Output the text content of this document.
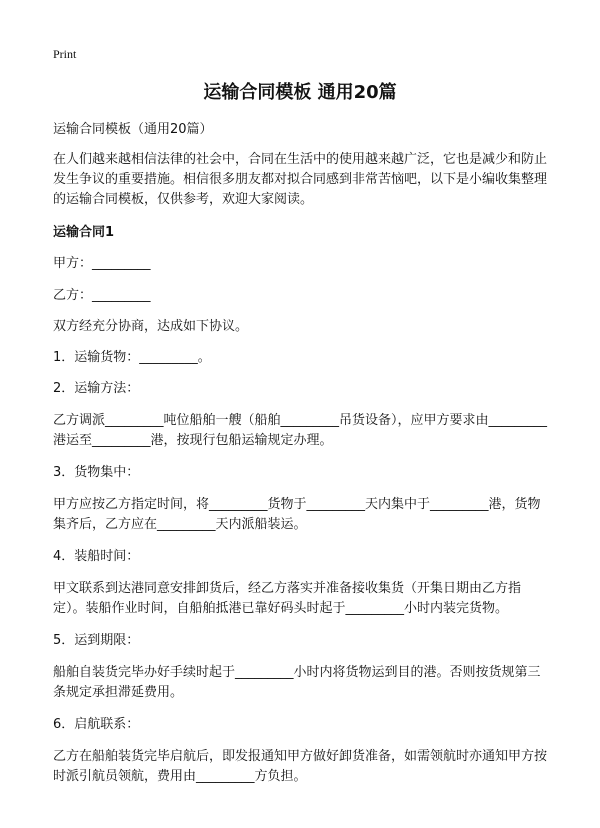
Print
运输合同模板 通用20篇

运输合同模板（通用20篇）

在人们越来越相信法律的社会中，合同在生活中的使用越来越广泛，它也是减少和防止发生争议的重要措施。相信很多朋友都对拟合同感到非常苦恼吧，以下是小编收集整理的运输合同模板，仅供参考，欢迎大家阅读。

运输合同1

甲方：_________

乙方：_________

双方经充分协商，达成如下协议。

1．运输货物：_________。

2．运输方法：

乙方调派_________吨位船舶一艘（船舶_________吊货设备），应甲方要求由_________港运至_________港，按现行包船运输规定办理。

3．货物集中：

甲方应按乙方指定时间，将_________货物于_________天内集中于_________港，货物集齐后，乙方应在_________天内派船装运。

4．装船时间：

甲文联系到达港同意安排卸货后，经乙方落实并准备接收集货（开集日期由乙方指定）。装船作业时间，自船舶抵港已靠好码头时起于_________小时内装完货物。

5．运到期限：

船舶自装货完毕办好手续时起于_________小时内将货物运到目的港。否则按货规第三条规定承担滞延费用。

6．启航联系：

乙方在船舶装货完毕启航后，即发报通知甲方做好卸货准备，如需领航时亦通知甲方按时派引航员领航，费用由_________方负担。
